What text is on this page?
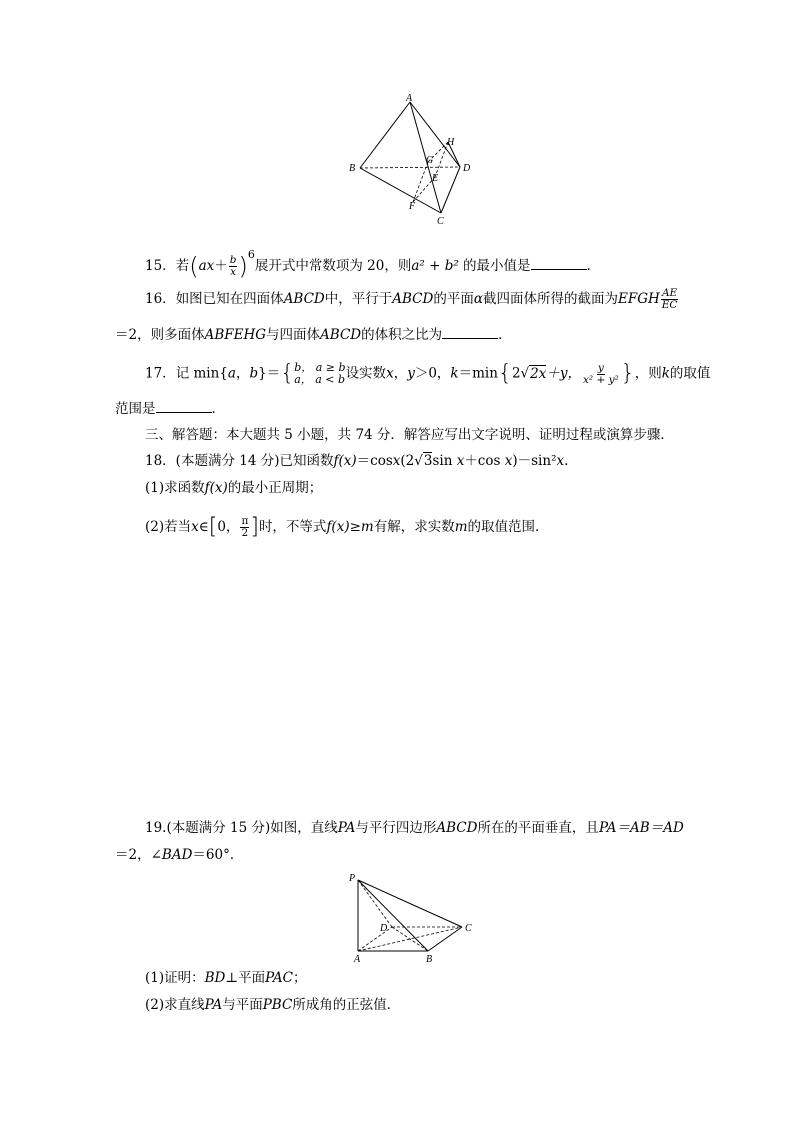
A
B
C
D
H
G
E
F
15．若$(ax+ \frac{b}{x} )^6$展开式中常数项为 20，则a² + b² 的最小值是	．
16．如图已知在四面体ABCD中，平行于ABCD的平面α截四面体所得的截面为EFGH $\frac{AE}{EC}$
＝2，则多面体ABFEHG与四面体ABCD的体积之比为	．
17．记 min{a，b}＝{ b， a ≥ b
a， a < b 设实数x，y＞0，k＝min{2√2x＋y， $\frac{y}{\text{x² + y²}}$ }，则k的取值
范围是	．
三、解答题：本大题共 5 小题，共 74 分．解答应写出文字说明、证明过程或演算步骤．
18．(本题满分 14 分)已知函数f(x)＝cosx(2√3sin x＋cos x)－sin²x.
(1)求函数f(x)的最小正周期；
(2)若当x∈[0， $\frac{\pi}{2}$ ]时，不等式f(x)≥m有解，求实数m的取值范围．
19.(本题满分 15 分)如图，直线PA与平行四边形ABCD所在的平面垂直，且PA＝AB＝AD
＝2，∠BAD＝60°．
P
D	C
A	B
(1)证明：BD⊥平面PAC；
(2)求直线PA与平面PBC所成角的正弦值．
